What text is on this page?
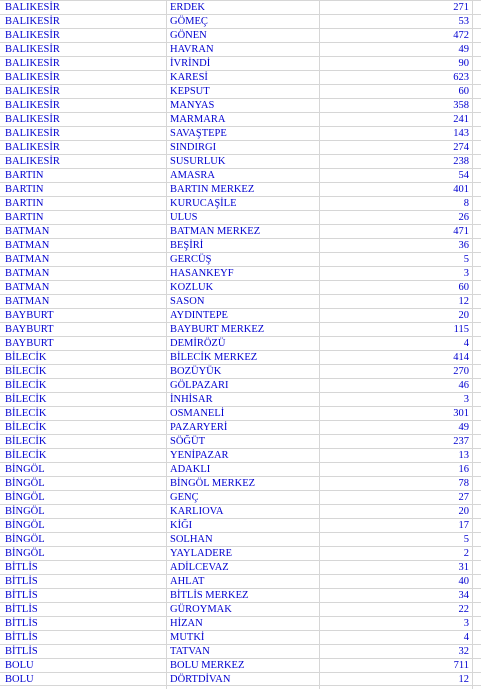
BALIKESİR	ERDEK	271
BALIKESİR	GÖMEÇ	53
BALIKESİR	GÖNEN	472
BALIKESİR	HAVRAN	49
BALIKESİR	İVRİNDİ	90
BALIKESİR	KARESİ	623
BALIKESİR	KEPSUT	60
BALIKESİR	MANYAS	358
BALIKESİR	MARMARA	241
BALIKESİR	SAVAŞTEPE	143
BALIKESİR	SINDIRGI	274
BALIKESİR	SUSURLUK	238
BARTIN	AMASRA	54
BARTIN	BARTIN MERKEZ	401
BARTIN	KURUCAŞİLE	8
BARTIN	ULUS	26
BATMAN	BATMAN MERKEZ	471
BATMAN	BEŞİRİ	36
BATMAN	GERCÜŞ	5
BATMAN	HASANKEYF	3
BATMAN	KOZLUK	60
BATMAN	SASON	12
BAYBURT	AYDINTEPE	20
BAYBURT	BAYBURT MERKEZ	115
BAYBURT	DEMİRÖZÜ	4
BİLECİK	BİLECİK MERKEZ	414
BİLECİK	BOZÜYÜK	270
BİLECİK	GÖLPAZARI	46
BİLECİK	İNHİSAR	3
BİLECİK	OSMANELİ	301
BİLECİK	PAZARYERİ	49
BİLECİK	SÖĞÜT	237
BİLECİK	YENİPAZAR	13
BİNGÖL	ADAKLI	16
BİNGÖL	BİNGÖL MERKEZ	78
BİNGÖL	GENÇ	27
BİNGÖL	KARLIOVA	20
BİNGÖL	KİĞI	17
BİNGÖL	SOLHAN	5
BİNGÖL	YAYLADERE	2
BİTLİS	ADİLCEVAZ	31
BİTLİS	AHLAT	40
BİTLİS	BİTLİS MERKEZ	34
BİTLİS	GÜROYMAK	22
BİTLİS	HİZAN	3
BİTLİS	MUTKİ	4
BİTLİS	TATVAN	32
BOLU	BOLU MERKEZ	711
BOLU	DÖRTDİVAN	12
